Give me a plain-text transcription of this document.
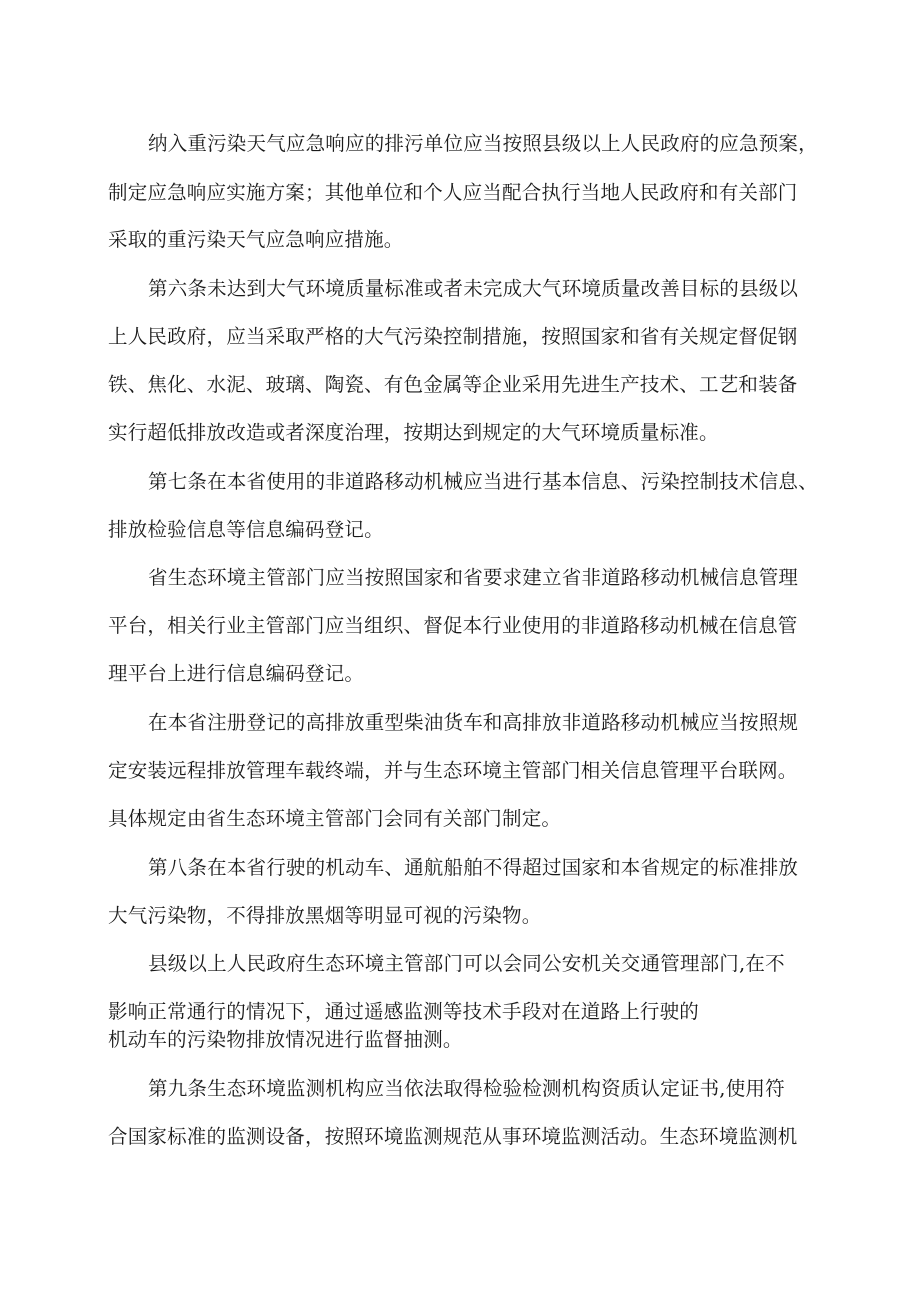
纳入重污染天气应急响应的排污单位应当按照县级以上人民政府的应急预案，
制定应急响应实施方案；其他单位和个人应当配合执行当地人民政府和有关部门
采取的重污染天气应急响应措施。
第六条未达到大气环境质量标准或者未完成大气环境质量改善目标的县级以
上人民政府，应当采取严格的大气污染控制措施，按照国家和省有关规定督促钢
铁、焦化、水泥、玻璃、陶瓷、有色金属等企业采用先进生产技术、工艺和装备
实行超低排放改造或者深度治理，按期达到规定的大气环境质量标准。
第七条在本省使用的非道路移动机械应当进行基本信息、污染控制技术信息、
排放检验信息等信息编码登记。
省生态环境主管部门应当按照国家和省要求建立省非道路移动机械信息管理
平台，相关行业主管部门应当组织、督促本行业使用的非道路移动机械在信息管
理平台上进行信息编码登记。
在本省注册登记的高排放重型柴油货车和高排放非道路移动机械应当按照规
定安装远程排放管理车载终端，并与生态环境主管部门相关信息管理平台联网。
具体规定由省生态环境主管部门会同有关部门制定。
第八条在本省行驶的机动车、通航船舶不得超过国家和本省规定的标准排放
大气污染物，不得排放黑烟等明显可视的污染物。
县级以上人民政府生态环境主管部门可以会同公安机关交通管理部门,在不
影响正常通行的情况下，通过遥感监测等技术手段对在道路上行驶的
机动车的污染物排放情况进行监督抽测。
第九条生态环境监测机构应当依法取得检验检测机构资质认定证书,使用符
合国家标准的监测设备，按照环境监测规范从事环境监测活动。生态环境监测机
